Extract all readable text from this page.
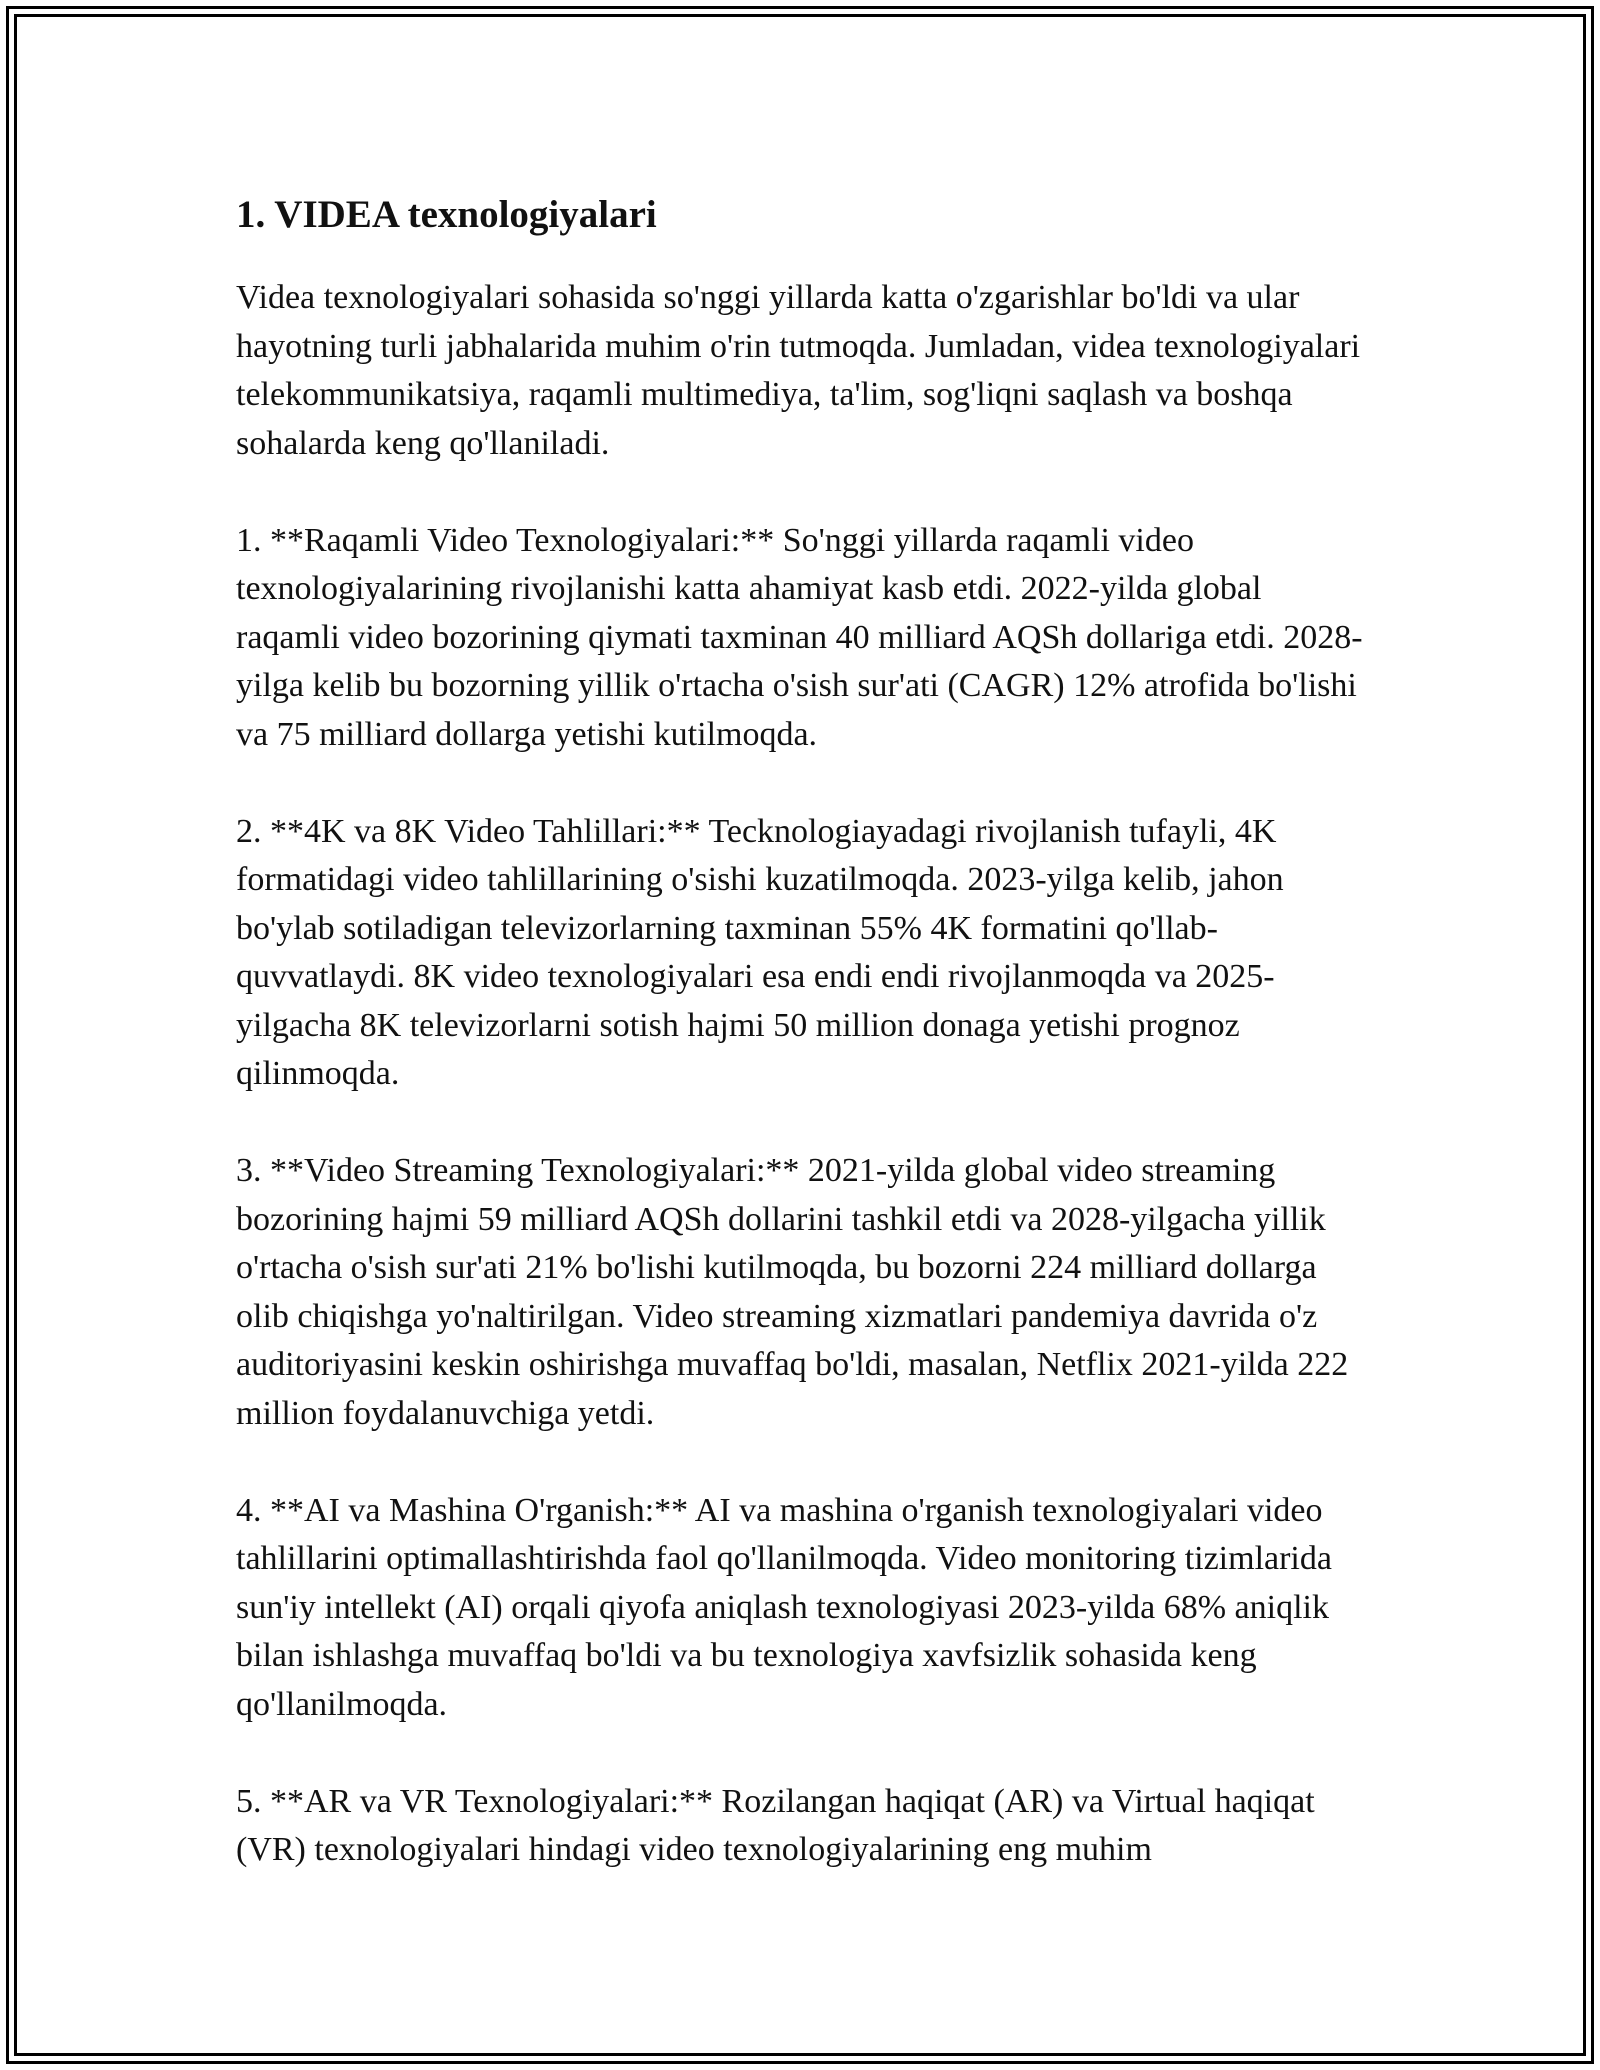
1. VIDEA texnologiyalari

Videa texnologiyalari sohasida so'nggi yillarda katta o'zgarishlar bo'ldi va ular hayotning turli jabhalarida muhim o'rin tutmoqda. Jumladan, videa texnologiyalari telekommunikatsiya, raqamli multimediya, ta'lim, sog'liqni saqlash va boshqa sohalarda keng qo'llaniladi.

1. **Raqamli Video Texnologiyalari:** So'nggi yillarda raqamli video texnologiyalarining rivojlanishi katta ahamiyat kasb etdi. 2022-yilda global raqamli video bozorining qiymati taxminan 40 milliard AQSh dollariga etdi. 2028-yilga kelib bu bozorning yillik o'rtacha o'sish sur'ati (CAGR) 12% atrofida bo'lishi va 75 milliard dollarga yetishi kutilmoqda.

2. **4K va 8K Video Tahlillari:** Tecknologiayadagi rivojlanish tufayli, 4K formatidagi video tahlillarining o'sishi kuzatilmoqda. 2023-yilga kelib, jahon bo'ylab sotiladigan televizorlarning taxminan 55% 4K formatini qo'llab-quvvatlaydi. 8K video texnologiyalari esa endi endi rivojlanmoqda va 2025-yilgacha 8K televizorlarni sotish hajmi 50 million donaga yetishi prognoz qilinmoqda.

3. **Video Streaming Texnologiyalari:** 2021-yilda global video streaming bozorining hajmi 59 milliard AQSh dollarini tashkil etdi va 2028-yilgacha yillik o'rtacha o'sish sur'ati 21% bo'lishi kutilmoqda, bu bozorni 224 milliard dollarga olib chiqishga yo'naltirilgan. Video streaming xizmatlari pandemiya davrida o'z auditoriyasini keskin oshirishga muvaffaq bo'ldi, masalan, Netflix 2021-yilda 222 million foydalanuvchiga yetdi.

4. **AI va Mashina O'rganish:** AI va mashina o'rganish texnologiyalari video tahlillarini optimallashtirishda faol qo'llanilmoqda. Video monitoring tizimlarida sun'iy intellekt (AI) orqali qiyofa aniqlash texnologiyasi 2023-yilda 68% aniqlik bilan ishlashga muvaffaq bo'ldi va bu texnologiya xavfsizlik sohasida keng qo'llanilmoqda.

5. **AR va VR Texnologiyalari:** Rozilangan haqiqat (AR) va Virtual haqiqat (VR) texnologiyalari hindagi video texnologiyalarining eng muhim
